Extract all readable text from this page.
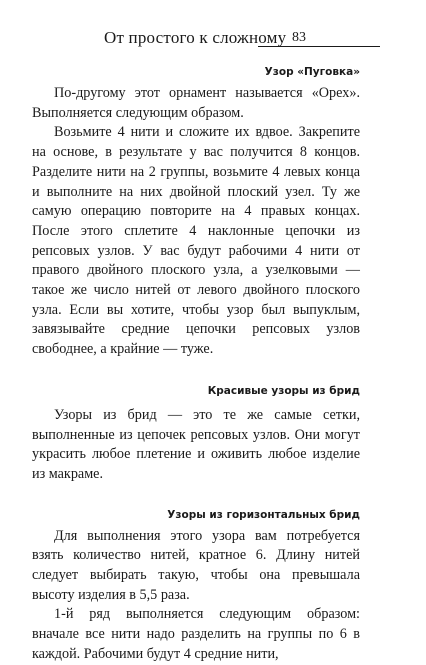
От простого к сложному 83
Узор «Пуговка»

По-другому этот орнамент называется «Орех». Выполняется следующим образом.

Возьмите 4 нити и сложите их вдвое. Закрепите на основе, в результате у вас получится 8 концов. Разделите нити на 2 группы, возьмите 4 левых конца и выполните на них двойной плоский узел. Ту же самую операцию повторите на 4 правых концах. После этого сплетите 4 наклонные цепочки из репсовых узлов. У вас будут рабочими 4 нити от правого двойного плоского узла, а узелковыми — такое же число нитей от левого двойного плоского узла. Если вы хотите, чтобы узор был выпуклым, завязывайте средние цепочки репсовых узлов свободнее, а крайние — туже.

Красивые узоры из брид

Узоры из брид — это те же самые сетки, выполненные из цепочек репсовых узлов. Они могут украсить любое плетение и оживить любое изделие из макраме.

Узоры из горизонтальных брид

Для выполнения этого узора вам потребуется взять количество нитей, кратное 6. Длину нитей следует выбирать такую, чтобы она превышала высоту изделия в 5,5 раза.

1-й ряд выполняется следующим образом: вначале все нити надо разделить на группы по 6 в каждой. Рабочими будут 4 средние нити,
